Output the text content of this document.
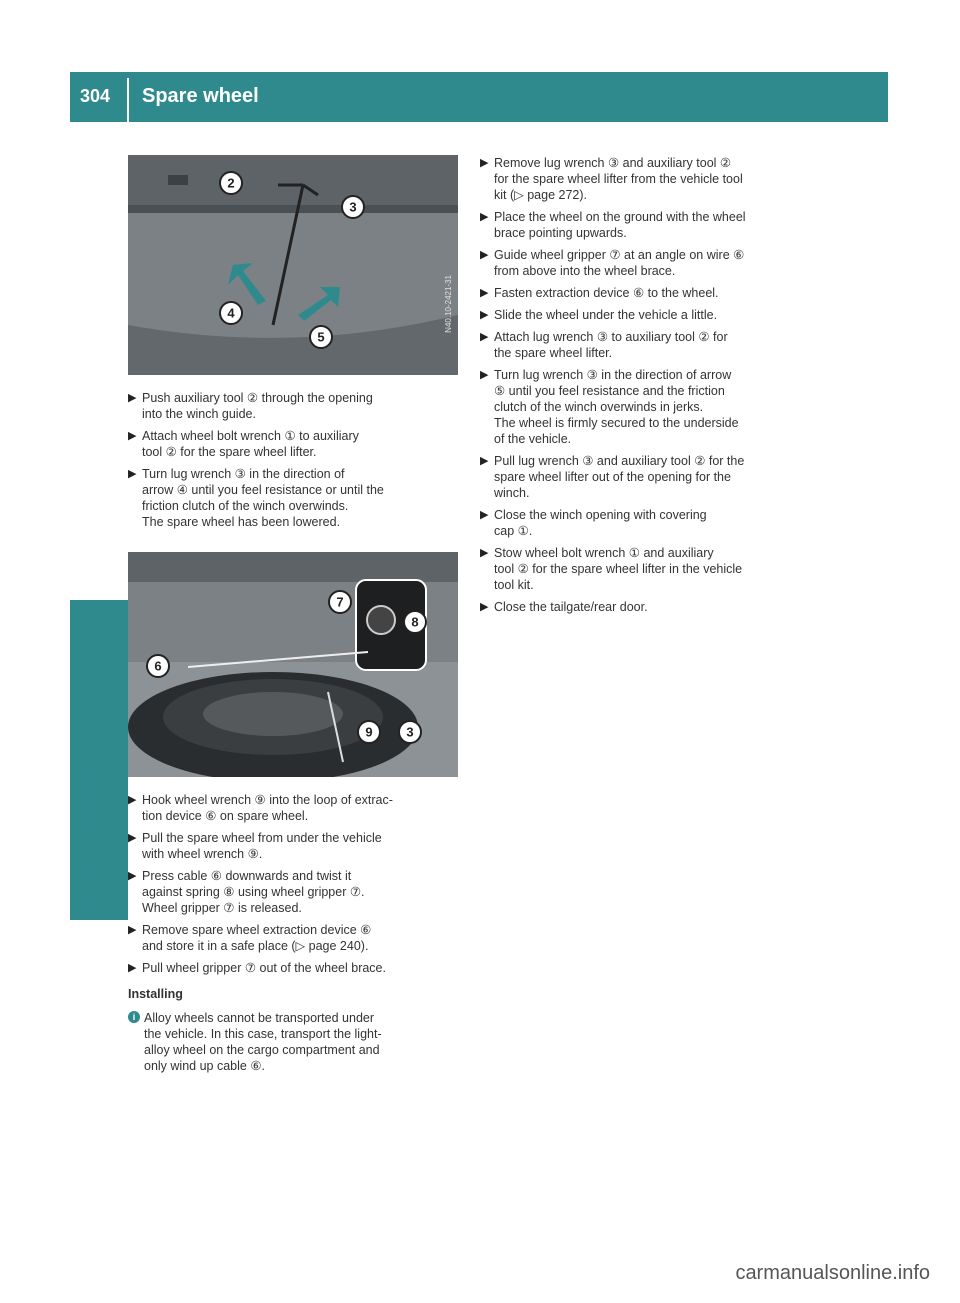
304 Spare wheel
Wheels and tires
2
3
4
5
N40.10-2421-31
▶ Push auxiliary tool ② through the opening
into the winch guide.
▶ Attach wheel bolt wrench ① to auxiliary
tool ② for the spare wheel lifter.
▶ Turn lug wrench ③ in the direction of
arrow ④ until you feel resistance or until the
friction clutch of the winch overwinds.
The spare wheel has been lowered.
7
8
6
9	3
▶ Hook wheel wrench ⑨ into the loop of extrac-
tion device ⑥ on spare wheel.
▶ Pull the spare wheel from under the vehicle
with wheel wrench ⑨.
▶ Press cable ⑥ downwards and twist it
against spring ⑧ using wheel gripper ⑦.
Wheel gripper ⑦ is released.
▶ Remove spare wheel extraction device ⑥
and store it in a safe place (▷ page 240).
▶ Pull wheel gripper ⑦ out of the wheel brace.
Installing
i Alloy wheels cannot be transported under
the vehicle. In this case, transport the light-
alloy wheel on the cargo compartment and
only wind up cable ⑥.
▶ Remove lug wrench ③ and auxiliary tool ②
for the spare wheel lifter from the vehicle tool
kit (▷ page 272).
▶ Place the wheel on the ground with the wheel
brace pointing upwards.
▶ Guide wheel gripper ⑦ at an angle on wire ⑥
from above into the wheel brace.
▶ Fasten extraction device ⑥ to the wheel.
▶ Slide the wheel under the vehicle a little.
▶ Attach lug wrench ③ to auxiliary tool ② for
the spare wheel lifter.
▶ Turn lug wrench ③ in the direction of arrow
⑤ until you feel resistance and the friction
clutch of the winch overwinds in jerks.
The wheel is firmly secured to the underside
of the vehicle.
▶ Pull lug wrench ③ and auxiliary tool ② for the
spare wheel lifter out of the opening for the
winch.
▶ Close the winch opening with covering
cap ①.
▶ Stow wheel bolt wrench ① and auxiliary
tool ② for the spare wheel lifter in the vehicle
tool kit.
▶ Close the tailgate/rear door.
carmanualsonline.info
